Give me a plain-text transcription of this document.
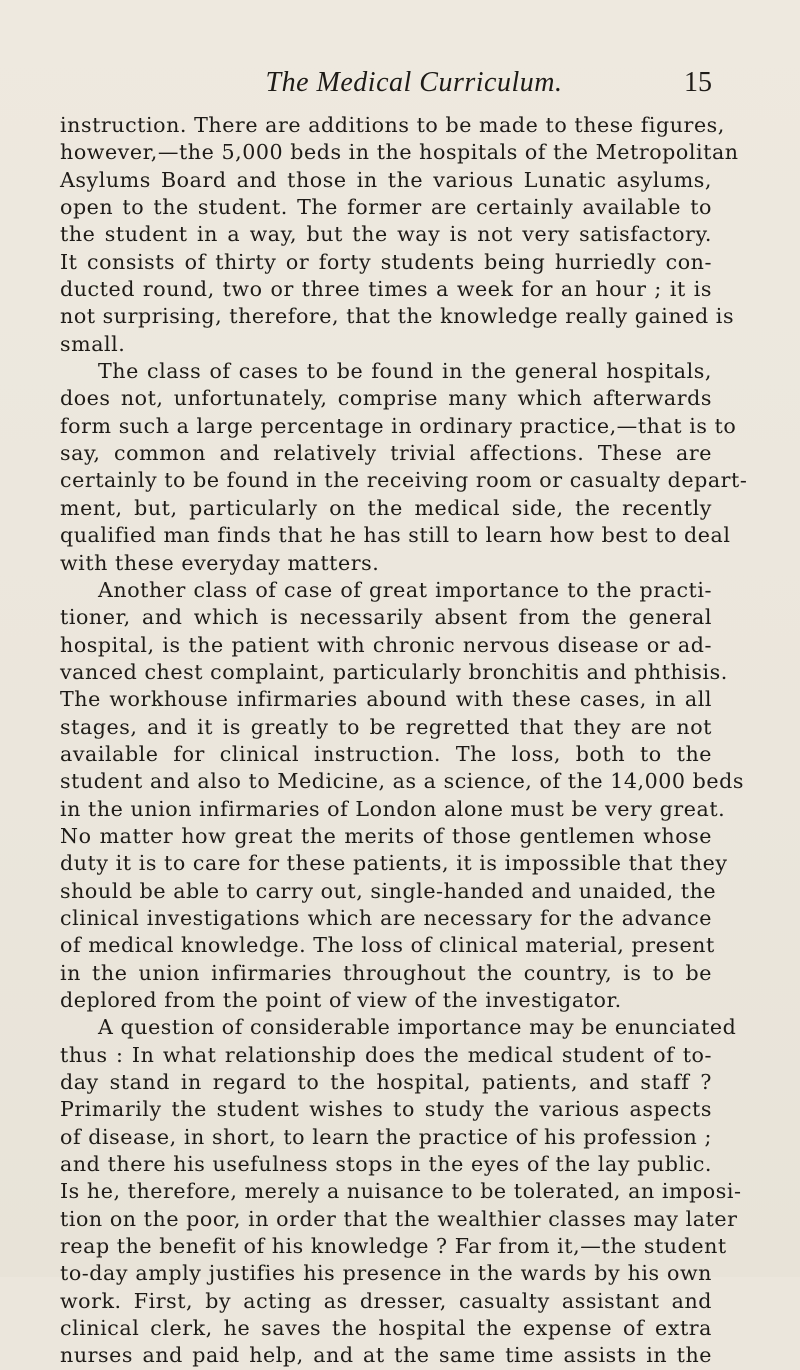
The Medical Curriculum.	15
instruction. There are additions to be made to these figures,
however,—the 5,000 beds in the hospitals of the Metropolitan
Asylums Board and those in the various Lunatic asylums,
open to the student. The former are certainly available to
the student in a way, but the way is not very satisfactory.
It consists of thirty or forty students being hurriedly con-
ducted round, two or three times a week for an hour ; it is
not surprising, therefore, that the knowledge really gained is
small.
The class of cases to be found in the general hospitals,
does not, unfortunately, comprise many which afterwards
form such a large percentage in ordinary practice,—that is to
say, common and relatively trivial affections. These are
certainly to be found in the receiving room or casualty depart-
ment, but, particularly on the medical side, the recently
qualified man finds that he has still to learn how best to deal
with these everyday matters.
Another class of case of great importance to the practi-
tioner, and which is necessarily absent from the general
hospital, is the patient with chronic nervous disease or ad-
vanced chest complaint, particularly bronchitis and phthisis.
The workhouse infirmaries abound with these cases, in all
stages, and it is greatly to be regretted that they are not
available for clinical instruction. The loss, both to the
student and also to Medicine, as a science, of the 14,000 beds
in the union infirmaries of London alone must be very great.
No matter how great the merits of those gentlemen whose
duty it is to care for these patients, it is impossible that they
should be able to carry out, single-handed and unaided, the
clinical investigations which are necessary for the advance
of medical knowledge. The loss of clinical material, present
in the union infirmaries throughout the country, is to be
deplored from the point of view of the investigator.
A question of considerable importance may be enunciated
thus : In what relationship does the medical student of to-
day stand in regard to the hospital, patients, and staff ?
Primarily the student wishes to study the various aspects
of disease, in short, to learn the practice of his profession ;
and there his usefulness stops in the eyes of the lay public.
Is he, therefore, merely a nuisance to be tolerated, an imposi-
tion on the poor, in order that the wealthier classes may later
reap the benefit of his knowledge ? Far from it,—the student
to-day amply justifies his presence in the wards by his own
work. First, by acting as dresser, casualty assistant and
clinical clerk, he saves the hospital the expense of extra
nurses and paid help, and at the same time assists in the
